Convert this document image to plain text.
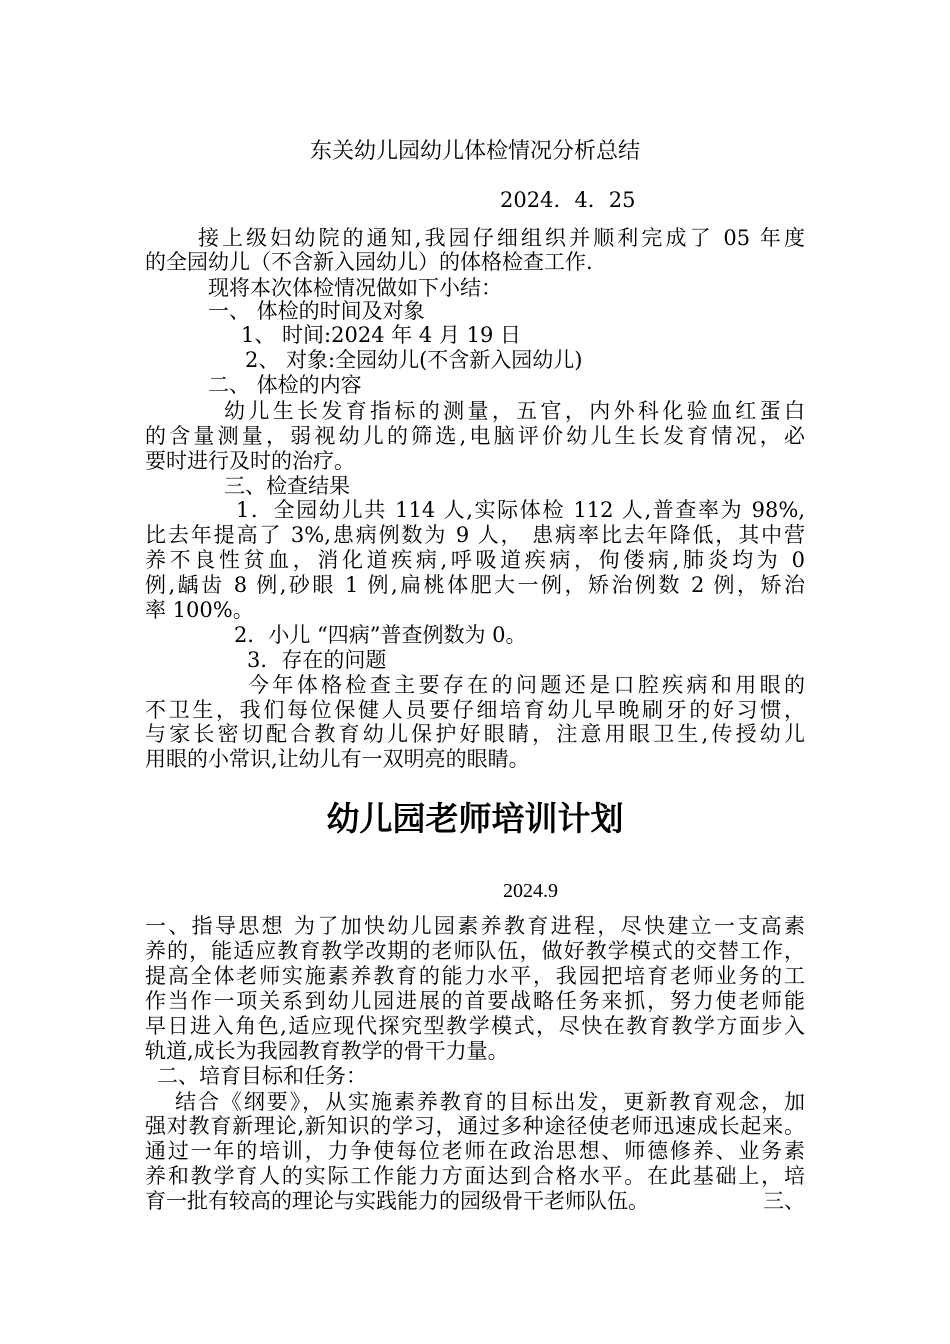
东关幼儿园幼儿体检情况分析总结
2024．4．25
接上级妇幼院的通知,我园仔细组织并顺利完成了 05 年度
的全园幼儿（不含新入园幼儿）的体格检查工作.
现将本次体检情况做如下小结：
一、 体检的时间及对象
1、 时间:2024 年 4 月 19 日
2、 对象:全园幼儿(不含新入园幼儿)
二、 体检的内容
幼儿生长发育指标的测量，五官，内外科化验血红蛋白
的含量测量，弱视幼儿的筛选,电脑评价幼儿生长发育情况，必
要时进行及时的治疗。
三、检查结果
1．全园幼儿共 114 人,实际体检 112 人,普查率为 98%,
比去年提高了 3%,患病例数为 9 人， 患病率比去年降低，其中营
养不良性贫血，消化道疾病,呼吸道疾病，佝偻病,肺炎均为 0
例,龋齿 8 例,砂眼 1 例,扁桃体肥大一例，矫治例数 2 例，矫治
率 100%。
2．小儿 “四病”普查例数为 0。
3．存在的问题
今年体格检查主要存在的问题还是口腔疾病和用眼的
不卫生，我们每位保健人员要仔细培育幼儿早晚刷牙的好习惯，
与家长密切配合教育幼儿保护好眼睛，注意用眼卫生,传授幼儿
用眼的小常识,让幼儿有一双明亮的眼睛。
幼儿园老师培训计划
2024.9
一、指导思想 为了加快幼儿园素养教育进程，尽快建立一支高素
养的，能适应教育教学改期的老师队伍，做好教学模式的交替工作，
提高全体老师实施素养教育的能力水平，我园把培育老师业务的工
作当作一项关系到幼儿园进展的首要战略任务来抓，努力使老师能
早日进入角色,适应现代探究型教学模式，尽快在教育教学方面步入
轨道,成长为我园教育教学的骨干力量。
二、培育目标和任务：
结合《纲要》，从实施素养教育的目标出发，更新教育观念，加
强对教育新理论,新知识的学习，通过多种途径使老师迅速成长起来。
通过一年的培训，力争使每位老师在政治思想、师德修养、业务素
养和教学育人的实际工作能力方面达到合格水平。在此基础上，培
育一批有较高的理论与实践能力的园级骨干老师队伍。	三、
